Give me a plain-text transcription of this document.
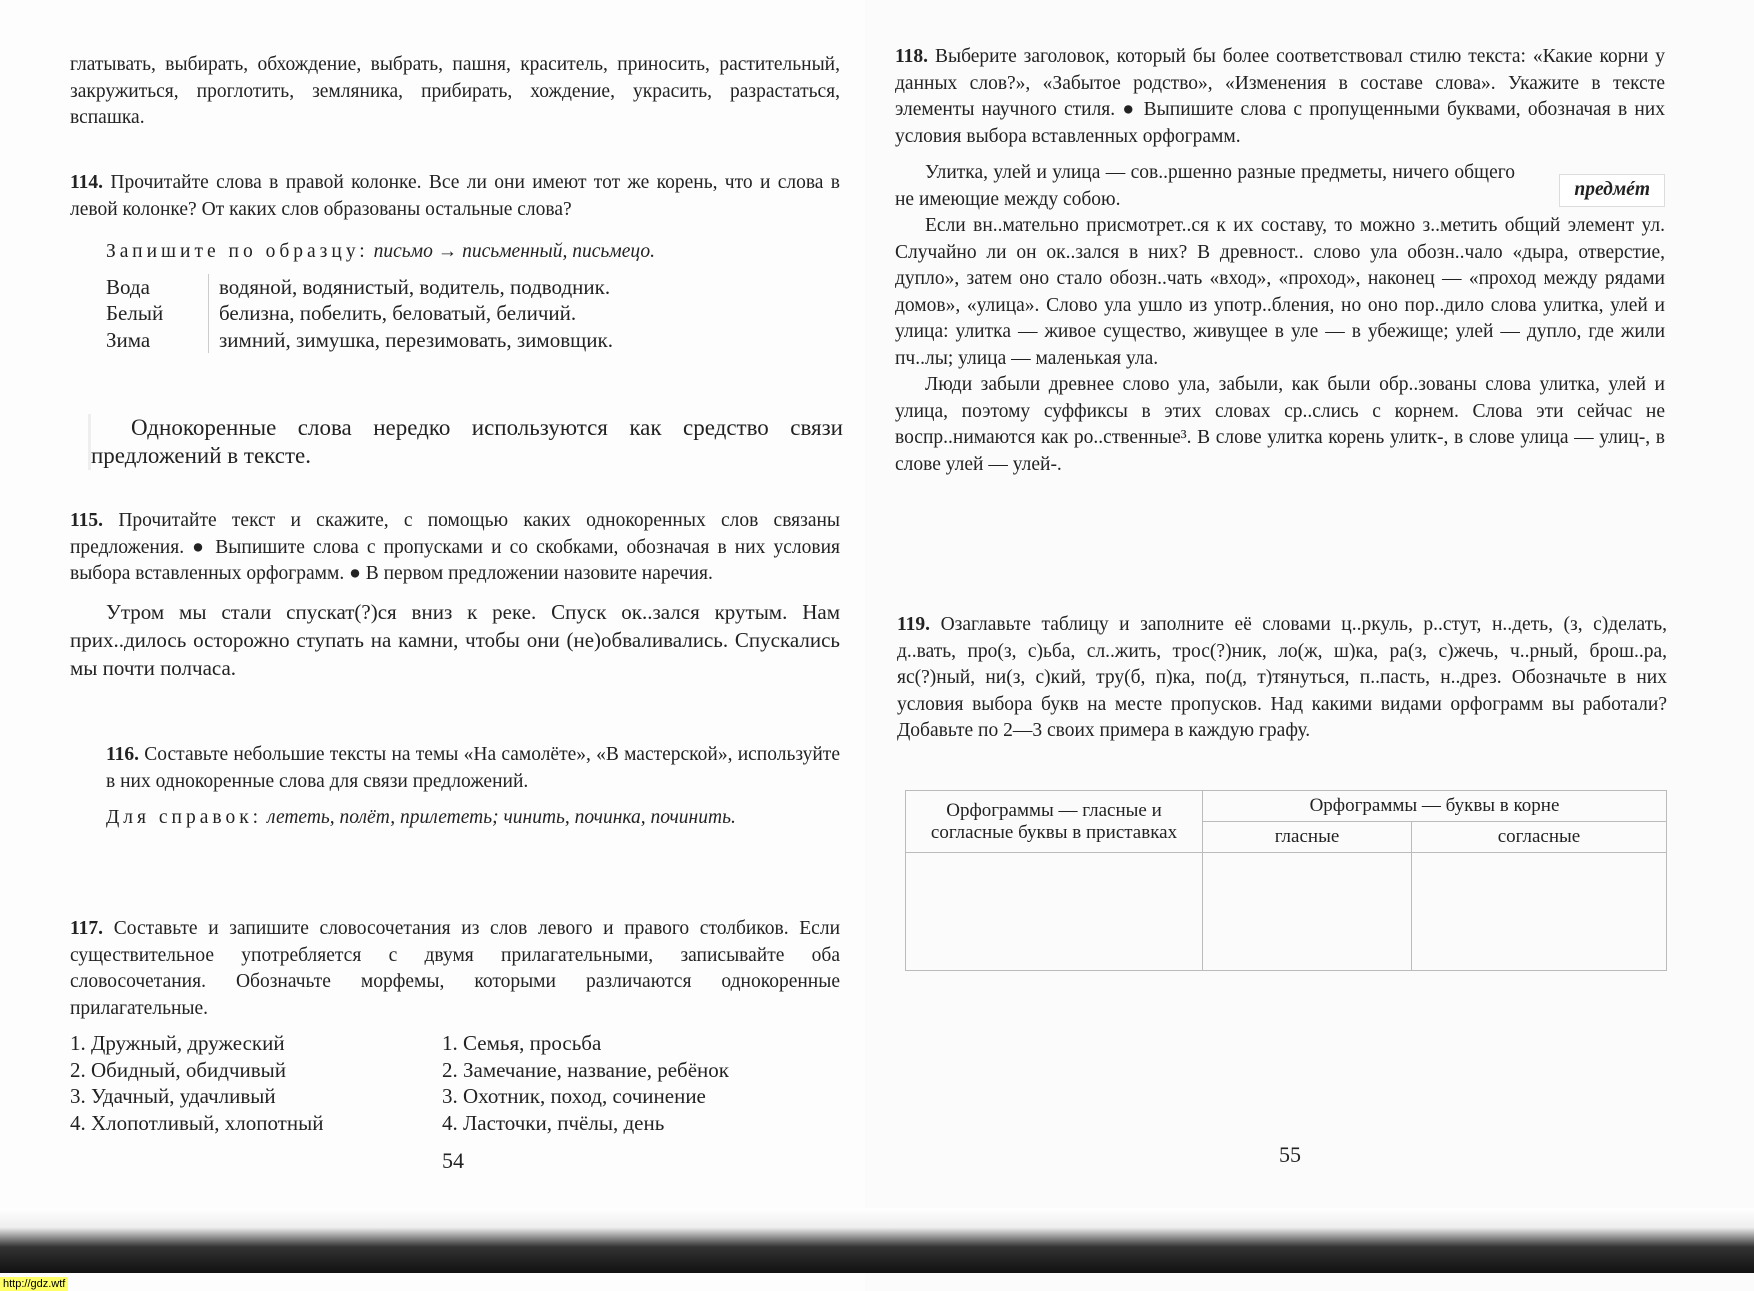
глатывать, выбирать, обхождение, выбрать, пашня, краситель, приносить, растительный, закружиться, проглотить, земляника, прибирать, хождение, украсить, разрастаться, вспашка.

114. Прочитайте слова в правой колонке. Все ли они имеют тот же корень, что и слова в левой колонке? От каких слов образованы остальные слова?

Запишите по образцу: письмо → письменный, письмецо.

Вода	водяной, водянистый, водитель, подводник.
Белый	белизна, побелить, беловатый, беличий.
Зима	зимний, зимушка, перезимовать, зимовщик.
Однокоренные слова нередко используются как средство связи предложений в тексте.

115. Прочитайте текст и скажите, с помощью каких однокоренных слов связаны предложения. ● Выпишите слова с пропусками и со скобками, обозначая в них условия выбора вставленных орфограмм. ● В первом предложении назовите наречия.

Утром мы стали спускат(?)ся вниз к реке. Спуск ок..зался крутым. Нам прих..дилось осторожно ступать на камни, чтобы они (не)обваливались. Спускались мы почти полчаса.

116. Составьте небольшие тексты на темы «На самолёте», «В мастерской», используйте в них однокоренные слова для связи предложений.

Для справок: лететь, полёт, прилететь; чинить, починка, починить.

117. Составьте и запишите словосочетания из слов левого и правого столбиков. Если существительное употребляется с двумя прилагательными, записывайте оба словосочетания. Обозначьте морфемы, которыми различаются однокоренные прилагательные.

1. Дружный, дружеский
2. Обидный, обидчивый
3. Удачный, удачливый
4. Хлопотливый, хлопотный
1. Семья, просьба
2. Замечание, название, ребёнок
3. Охотник, поход, сочинение
4. Ласточки, пчёлы, день
54

118. Выберите заголовок, который бы более соответствовал стилю текста: «Какие корни у данных слов?», «Забытое родство», «Изменения в составе слова». Укажите в тексте элементы научного стиля. ● Выпишите слова с пропущенными буквами, обозначая в них условия выбора вставленных орфограмм.

предмéт

Улитка, улей и улица — сов..ршенно разные предметы, ничего общего не имеющие между собою.

Если вн..мательно присмотрет..ся к их составу, то можно з..метить общий элемент ул. Случайно ли он ок..зался в них? В древност.. слово ула обозн..чало «дыра, отверстие, дупло», затем оно стало обозн..чать «вход», «проход», наконец — «проход между рядами домов», «улица». Слово ула ушло из употр..бления, но оно пор..дило слова улитка, улей и улица: улитка — живое существо, живущее в уле — в убежище; улей — дупло, где жили пч..лы; улица — маленькая ула.

Люди забыли древнее слово ула, забыли, как были обр..зованы слова улитка, улей и улица, поэтому суффиксы в этих словах ср..слись с корнем. Слова эти сейчас не воспр..нимаются как ро..ственные³. В слове улитка корень улитк-, в слове улица — улиц-, в слове улей — улей-.

119. Озаглавьте таблицу и заполните её словами ц..ркуль, р..стут, н..деть, (з, с)делать, д..вать, про(з, с)ьба, сл..жить, трос(?)ник, ло(ж, ш)ка, ра(з, с)жечь, ч..рный, брош..ра, яс(?)ный, ни(з, с)кий, тру(б, п)ка, по(д, т)тянуться, п..пасть, н..дрез. Обозначьте в них условия выбора букв на месте пропусков. Над какими видами орфограмм вы работали? Добавьте по 2—3 своих примера в каждую графу.

Орфограммы — гласные и согласные буквы в приставках	Орфограммы — буквы в корне	
	гласные	согласные

55
http://gdz.wtf
